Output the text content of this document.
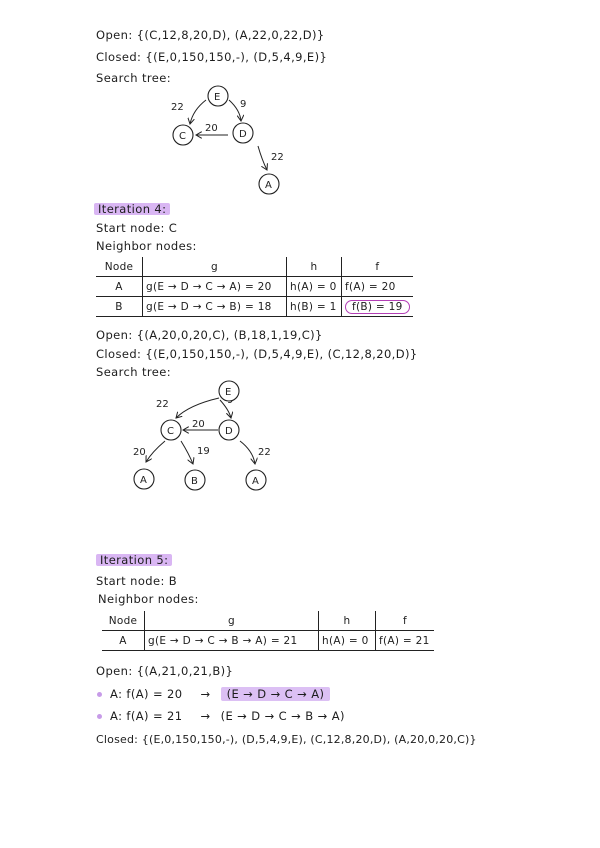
Open: {(C,12,8,20,D), (A,22,0,22,D)}
Closed: {(E,0,150,150,-), (D,5,4,9,E)}
Search tree:
22	9
20
22
E
C	D
A
22
20
20	19	22
E
C	D
A	B	A
Iteration 4:
Start node: C
Neighbor nodes:
Node	g	h	f
A	g(E → D → C → A) = 20	h(A) = 0	f(A) = 20
B	g(E → D → C → B) = 18	h(B) = 1	f(B) = 19
Open: {(A,20,0,20,C), (B,18,1,19,C)}
Closed: {(E,0,150,150,-), (D,5,4,9,E), (C,12,8,20,D)}
Search tree:
Iteration 5:
Start node: B
Neighbor nodes:
Node	g	h	f
A	g(E → D → C → B → A) = 21	h(A) = 0	f(A) = 21
Open: {(A,21,0,21,B)}
A: f(A) = 20 → (E → D → C → A)
A: f(A) = 21 → (E → D → C → B → A)
Closed: {(E,0,150,150,-), (D,5,4,9,E), (C,12,8,20,D), (A,20,0,20,C)}
